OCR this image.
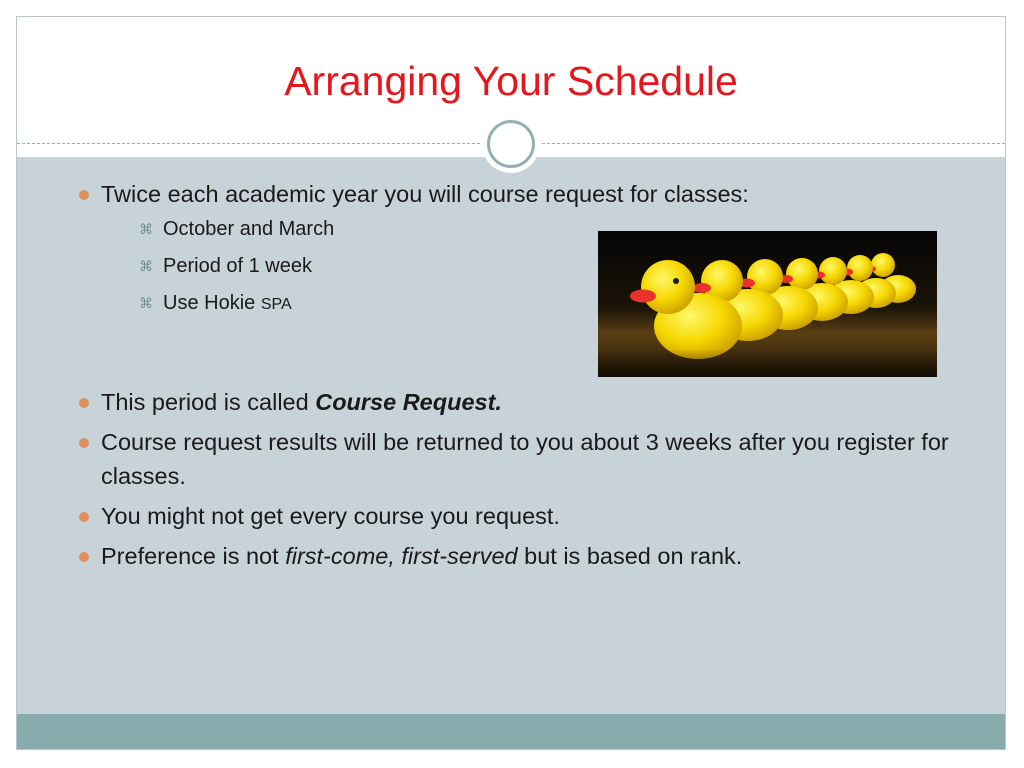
Arranging Your Schedule
Twice each academic year you will course request for classes:
⌘ October and March
⌘ Period of 1 week
⌘ Use Hokie SPA
This period is called Course Request.
Course request results will be returned to you about 3 weeks after you register for classes.
You might not get every course you request.
Preference is not first-come, first-served but is based on rank.
